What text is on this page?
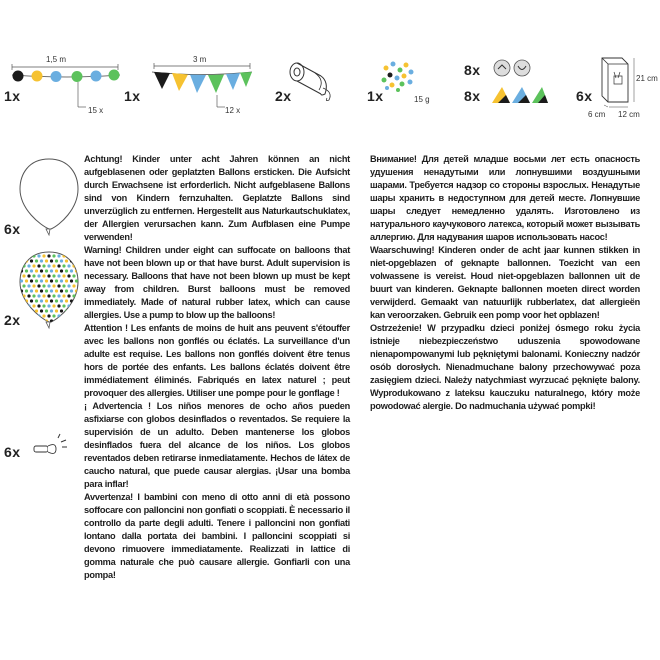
1x
1,5 m
15 x
1x
3 m
12 x
2x	1x	15 g
8x
8x	6x
21 cm
6 cm 12 cm
6x
2x
6x

Achtung! Kinder unter acht Jahren können an nicht aufgeblasenen oder geplatzten Ballons ersticken. Die Aufsicht durch Erwachsene ist erforderlich. Nicht aufgeblasene Ballons sind von Kindern fernzuhalten. Geplatzte Ballons sind unverzüglich zu entfernen. Hergestellt aus Naturkautschuklatex, der Allergien verursachen kann. Zum Aufblasen eine Pumpe verwenden!

Warning! Children under eight can suffocate on balloons that have not been blown up or that have burst. Adult supervision is necessary. Balloons that have not been blown up must be kept away from children. Burst balloons must be removed immediately. Made of natural rubber latex, which can cause allergies. Use a pump to blow up the balloons!

Attention ! Les enfants de moins de huit ans peuvent s'étouffer avec les ballons non gonflés ou éclatés. La surveillance d'un adulte est requise. Les ballons non gonflés doivent être tenus hors de portée des enfants. Les ballons éclatés doivent être immédiatement éliminés. Fabriqués en latex naturel ; peut provoquer des allergies. Utiliser une pompe pour le gonflage !

¡ Advertencia ! Los niños menores de ocho años pueden asfixiarse con globos desinflados o reventados. Se requiere la supervisión de un adulto. Deben mantenerse los globos desinflados fuera del alcance de los niños. Los globos reventados deben retirarse inmediatamente. Hechos de látex de caucho natural, que puede causar alergias. ¡Usar una bomba para inflar!

Avvertenza! I bambini con meno di otto anni di età possono soffocare con palloncini non gonfiati o scoppiati. È necessario il controllo da parte degli adulti. Tenere i palloncini non gonfiati lontano dalla portata dei bambini. I palloncini scoppiati si devono rimuovere immediatamente. Realizzati in lattice di gomma naturale che può causare allergie. Gonfiarli con una pompa!

Внимание! Для детей младше восьми лет есть опасность удушения ненадутыми или лопнувшими воздушными шарами. Требуется надзор со стороны взрослых. Ненадутые шары хранить в недоступном для детей месте. Лопнувшие шары следует немедленно удалять. Изготовлено из натурального каучукового латекса, который может вызывать аллергию. Для надувания шаров использовать насос!

Waarschuwing! Kinderen onder de acht jaar kunnen stikken in niet-opgeblazen of geknapte ballonnen. Toezicht van een volwassene is vereist. Houd niet-opgeblazen ballonnen uit de buurt van kinderen. Geknapte ballonnen moeten direct worden verwijderd. Gemaakt van natuurlijk rubberlatex, dat allergieën kan veroorzaken. Gebruik een pomp voor het opblazen!

Ostrzeżenie! W przypadku dzieci poniżej ósmego roku życia istnieje niebezpieczeństwo uduszenia spowodowane nienapompowanymi lub pękniętymi balonami. Konieczny nadzór osób dorosłych. Nienadmuchane balony przechowywać poza zasięgiem dzieci. Należy natychmiast wyrzucać pęknięte balony. Wyprodukowano z lateksu kauczuku naturalnego, który może powodować alergie. Do nadmuchania używać pompki!
